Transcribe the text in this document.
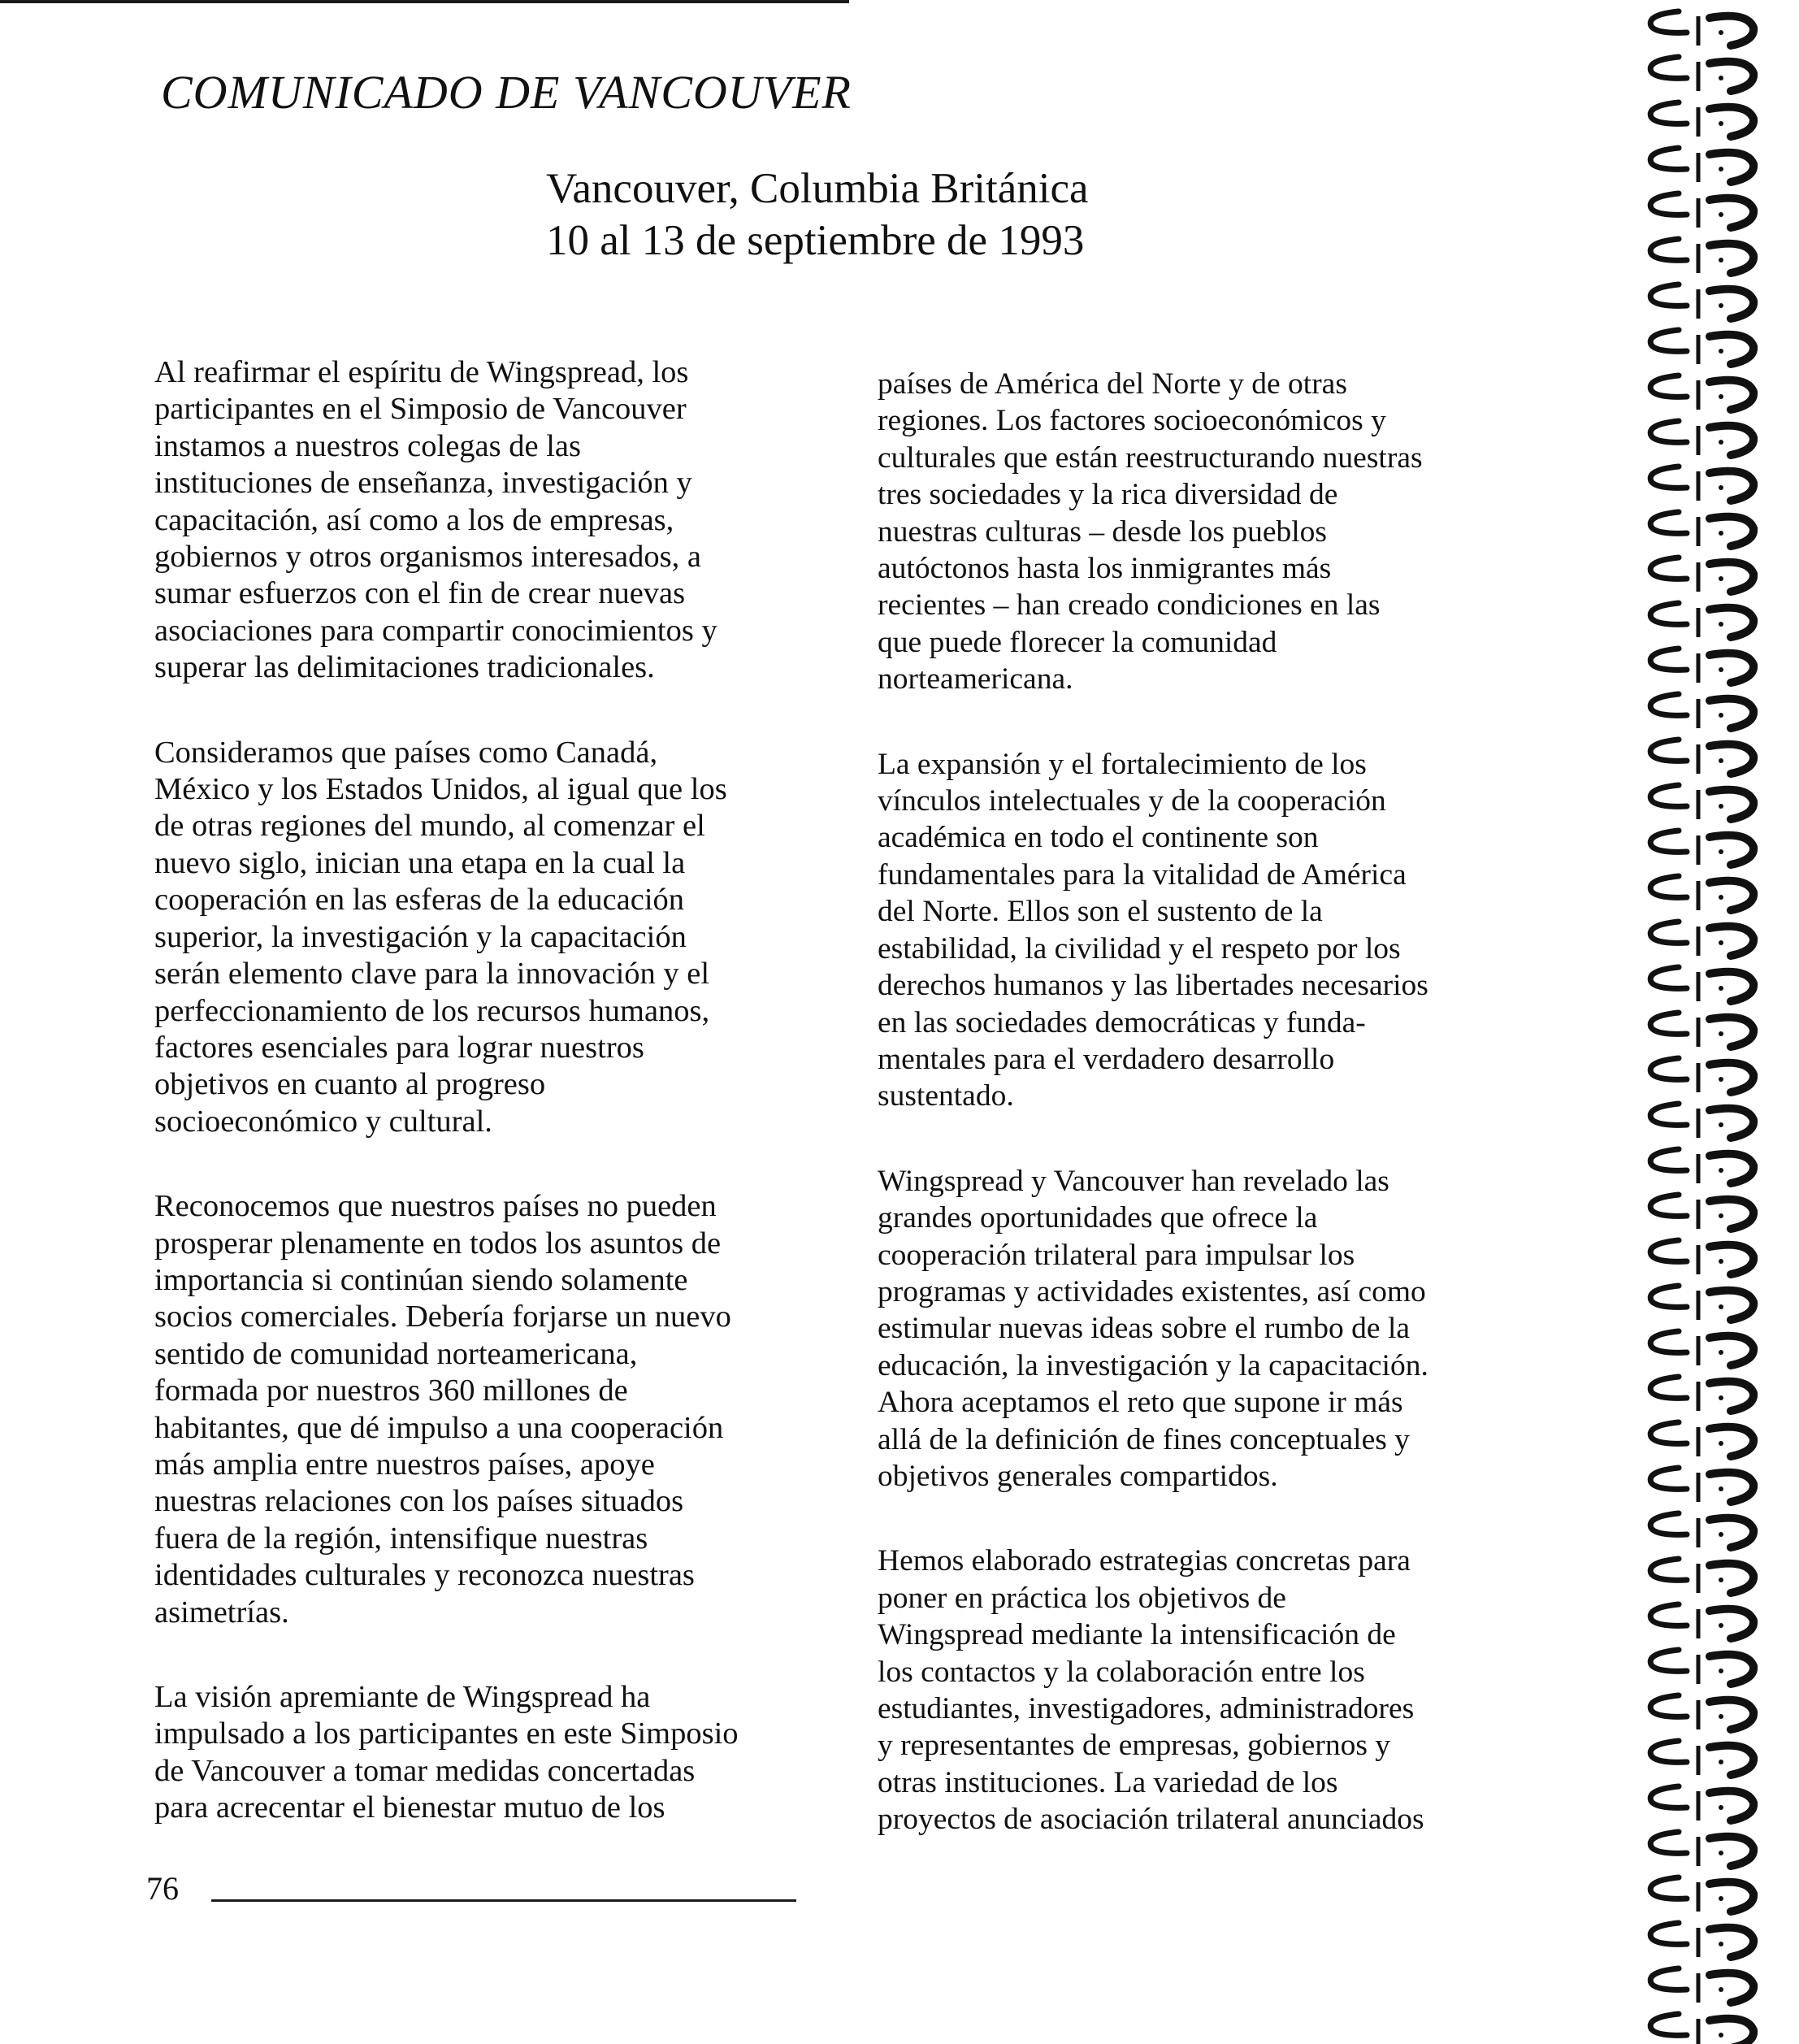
COMUNICADO DE VANCOUVER
Vancouver, Columbia Británica
10 al 13 de septiembre de 1993

Al reafirmar el espíritu de Wingspread, los
participantes en el Simposio de Vancouver
instamos a nuestros colegas de las
instituciones de enseñanza, investigación y
capacitación, así como a los de empresas,
gobiernos y otros organismos interesados, a
sumar esfuerzos con el fin de crear nuevas
asociaciones para compartir conocimientos y
superar las delimitaciones tradicionales.

Consideramos que países como Canadá,
México y los Estados Unidos, al igual que los
de otras regiones del mundo, al comenzar el
nuevo siglo, inician una etapa en la cual la
cooperación en las esferas de la educación
superior, la investigación y la capacitación
serán elemento clave para la innovación y el
perfeccionamiento de los recursos humanos,
factores esenciales para lograr nuestros
objetivos en cuanto al progreso
socioeconómico y cultural.

Reconocemos que nuestros países no pueden
prosperar plenamente en todos los asuntos de
importancia si continúan siendo solamente
socios comerciales. Debería forjarse un nuevo
sentido de comunidad norteamericana,
formada por nuestros 360 millones de
habitantes, que dé impulso a una cooperación
más amplia entre nuestros países, apoye
nuestras relaciones con los países situados
fuera de la región, intensifique nuestras
identidades culturales y reconozca nuestras
asimetrías.

La visión apremiante de Wingspread ha
impulsado a los participantes en este Simposio
de Vancouver a tomar medidas concertadas
para acrecentar el bienestar mutuo de los

países de América del Norte y de otras
regiones. Los factores socioeconómicos y
culturales que están reestructurando nuestras
tres sociedades y la rica diversidad de
nuestras culturas – desde los pueblos
autóctonos hasta los inmigrantes más
recientes – han creado condiciones en las
que puede florecer la comunidad
norteamericana.

La expansión y el fortalecimiento de los
vínculos intelectuales y de la cooperación
académica en todo el continente son
fundamentales para la vitalidad de América
del Norte. Ellos son el sustento de la
estabilidad, la civilidad y el respeto por los
derechos humanos y las libertades necesarios
en las sociedades democráticas y funda-
mentales para el verdadero desarrollo
sustentado.

Wingspread y Vancouver han revelado las
grandes oportunidades que ofrece la
cooperación trilateral para impulsar los
programas y actividades existentes, así como
estimular nuevas ideas sobre el rumbo de la
educación, la investigación y la capacitación.
Ahora aceptamos el reto que supone ir más
allá de la definición de fines conceptuales y
objetivos generales compartidos.

Hemos elaborado estrategias concretas para
poner en práctica los objetivos de
Wingspread mediante la intensificación de
los contactos y la colaboración entre los
estudiantes, investigadores, administradores
y representantes de empresas, gobiernos y
otras instituciones. La variedad de los
proyectos de asociación trilateral anunciados

76
